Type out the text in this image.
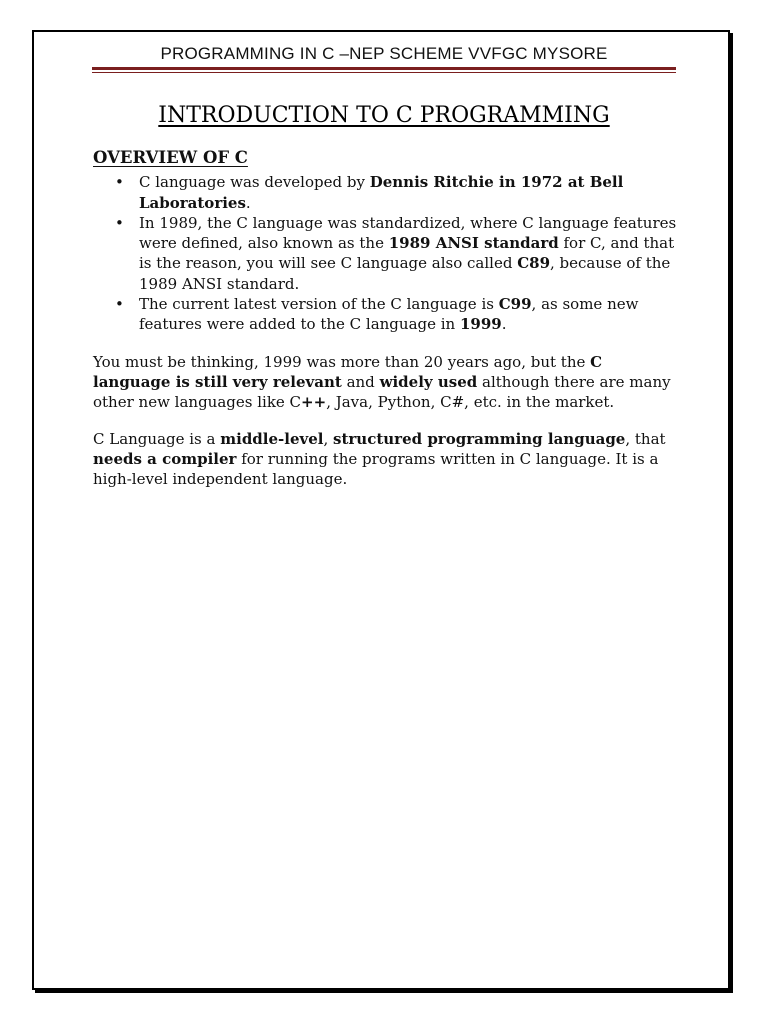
PROGRAMMING IN C –NEP SCHEME VVFGC MYSORE
INTRODUCTION TO C PROGRAMMING
OVERVIEW OF C
• C language was developed by Dennis Ritchie in 1972 at Bell Laboratories.
• In 1989, the C language was standardized, where C language features were defined, also known as the 1989 ANSI standard for C, and that is the reason, you will see C language also called C89, because of the 1989 ANSI standard.
• The current latest version of the C language is C99, as some new features were added to the C language in 1999.

You must be thinking, 1999 was more than 20 years ago, but the C language is still very relevant and widely used although there are many other new languages like C++, Java, Python, C#, etc. in the market.

C Language is a middle-level, structured programming language, that needs a compiler for running the programs written in C language. It is a high-level independent language.
